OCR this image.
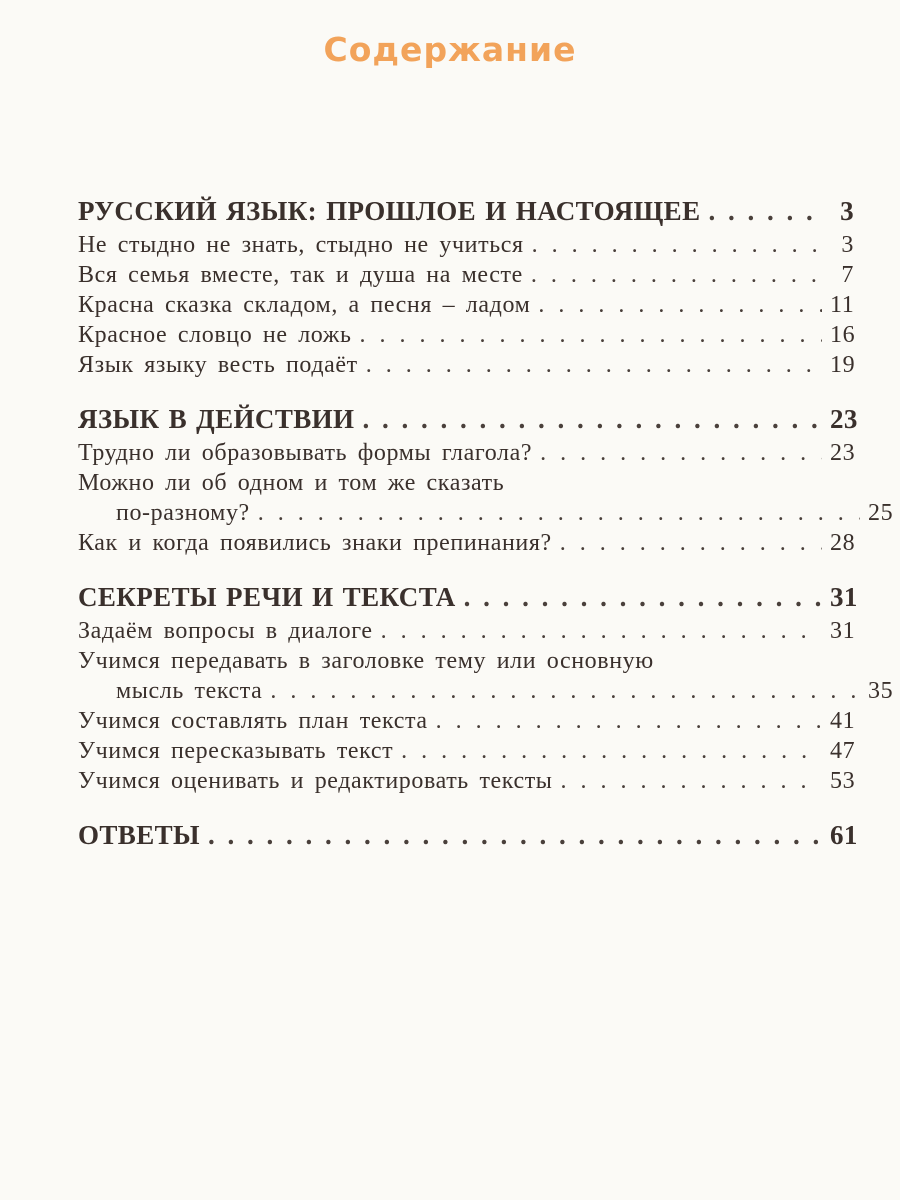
Содержание
РУССКИЙ ЯЗЫК: ПРОШЛОЕ И НАСТОЯЩЕЕ . . .	3
Не стыдно не знать, стыдно не учиться . . .	3
Вся семья вместе, так и душа на месте . . .	7
Красна сказка складом, а песня – ладом . . .	11
Красное словцо не ложь . . .	16
Язык языку весть подаёт . . .	19
ЯЗЫК В ДЕЙСТВИИ . . .	23
Трудно ли образовывать формы глагола? . . .	23
Можно ли об одном и том же сказать
по-разному? . . .	25
Как и когда появились знаки препинания? . . .	28
СЕКРЕТЫ РЕЧИ И ТЕКСТА . . .	31
Задаём вопросы в диалоге . . .	31
Учимся передавать в заголовке тему или основную
мысль текста . . .	35
Учимся составлять план текста . . .	41
Учимся пересказывать текст . . .	47
Учимся оценивать и редактировать тексты . . .	53
ОТВЕТЫ . . .	61
